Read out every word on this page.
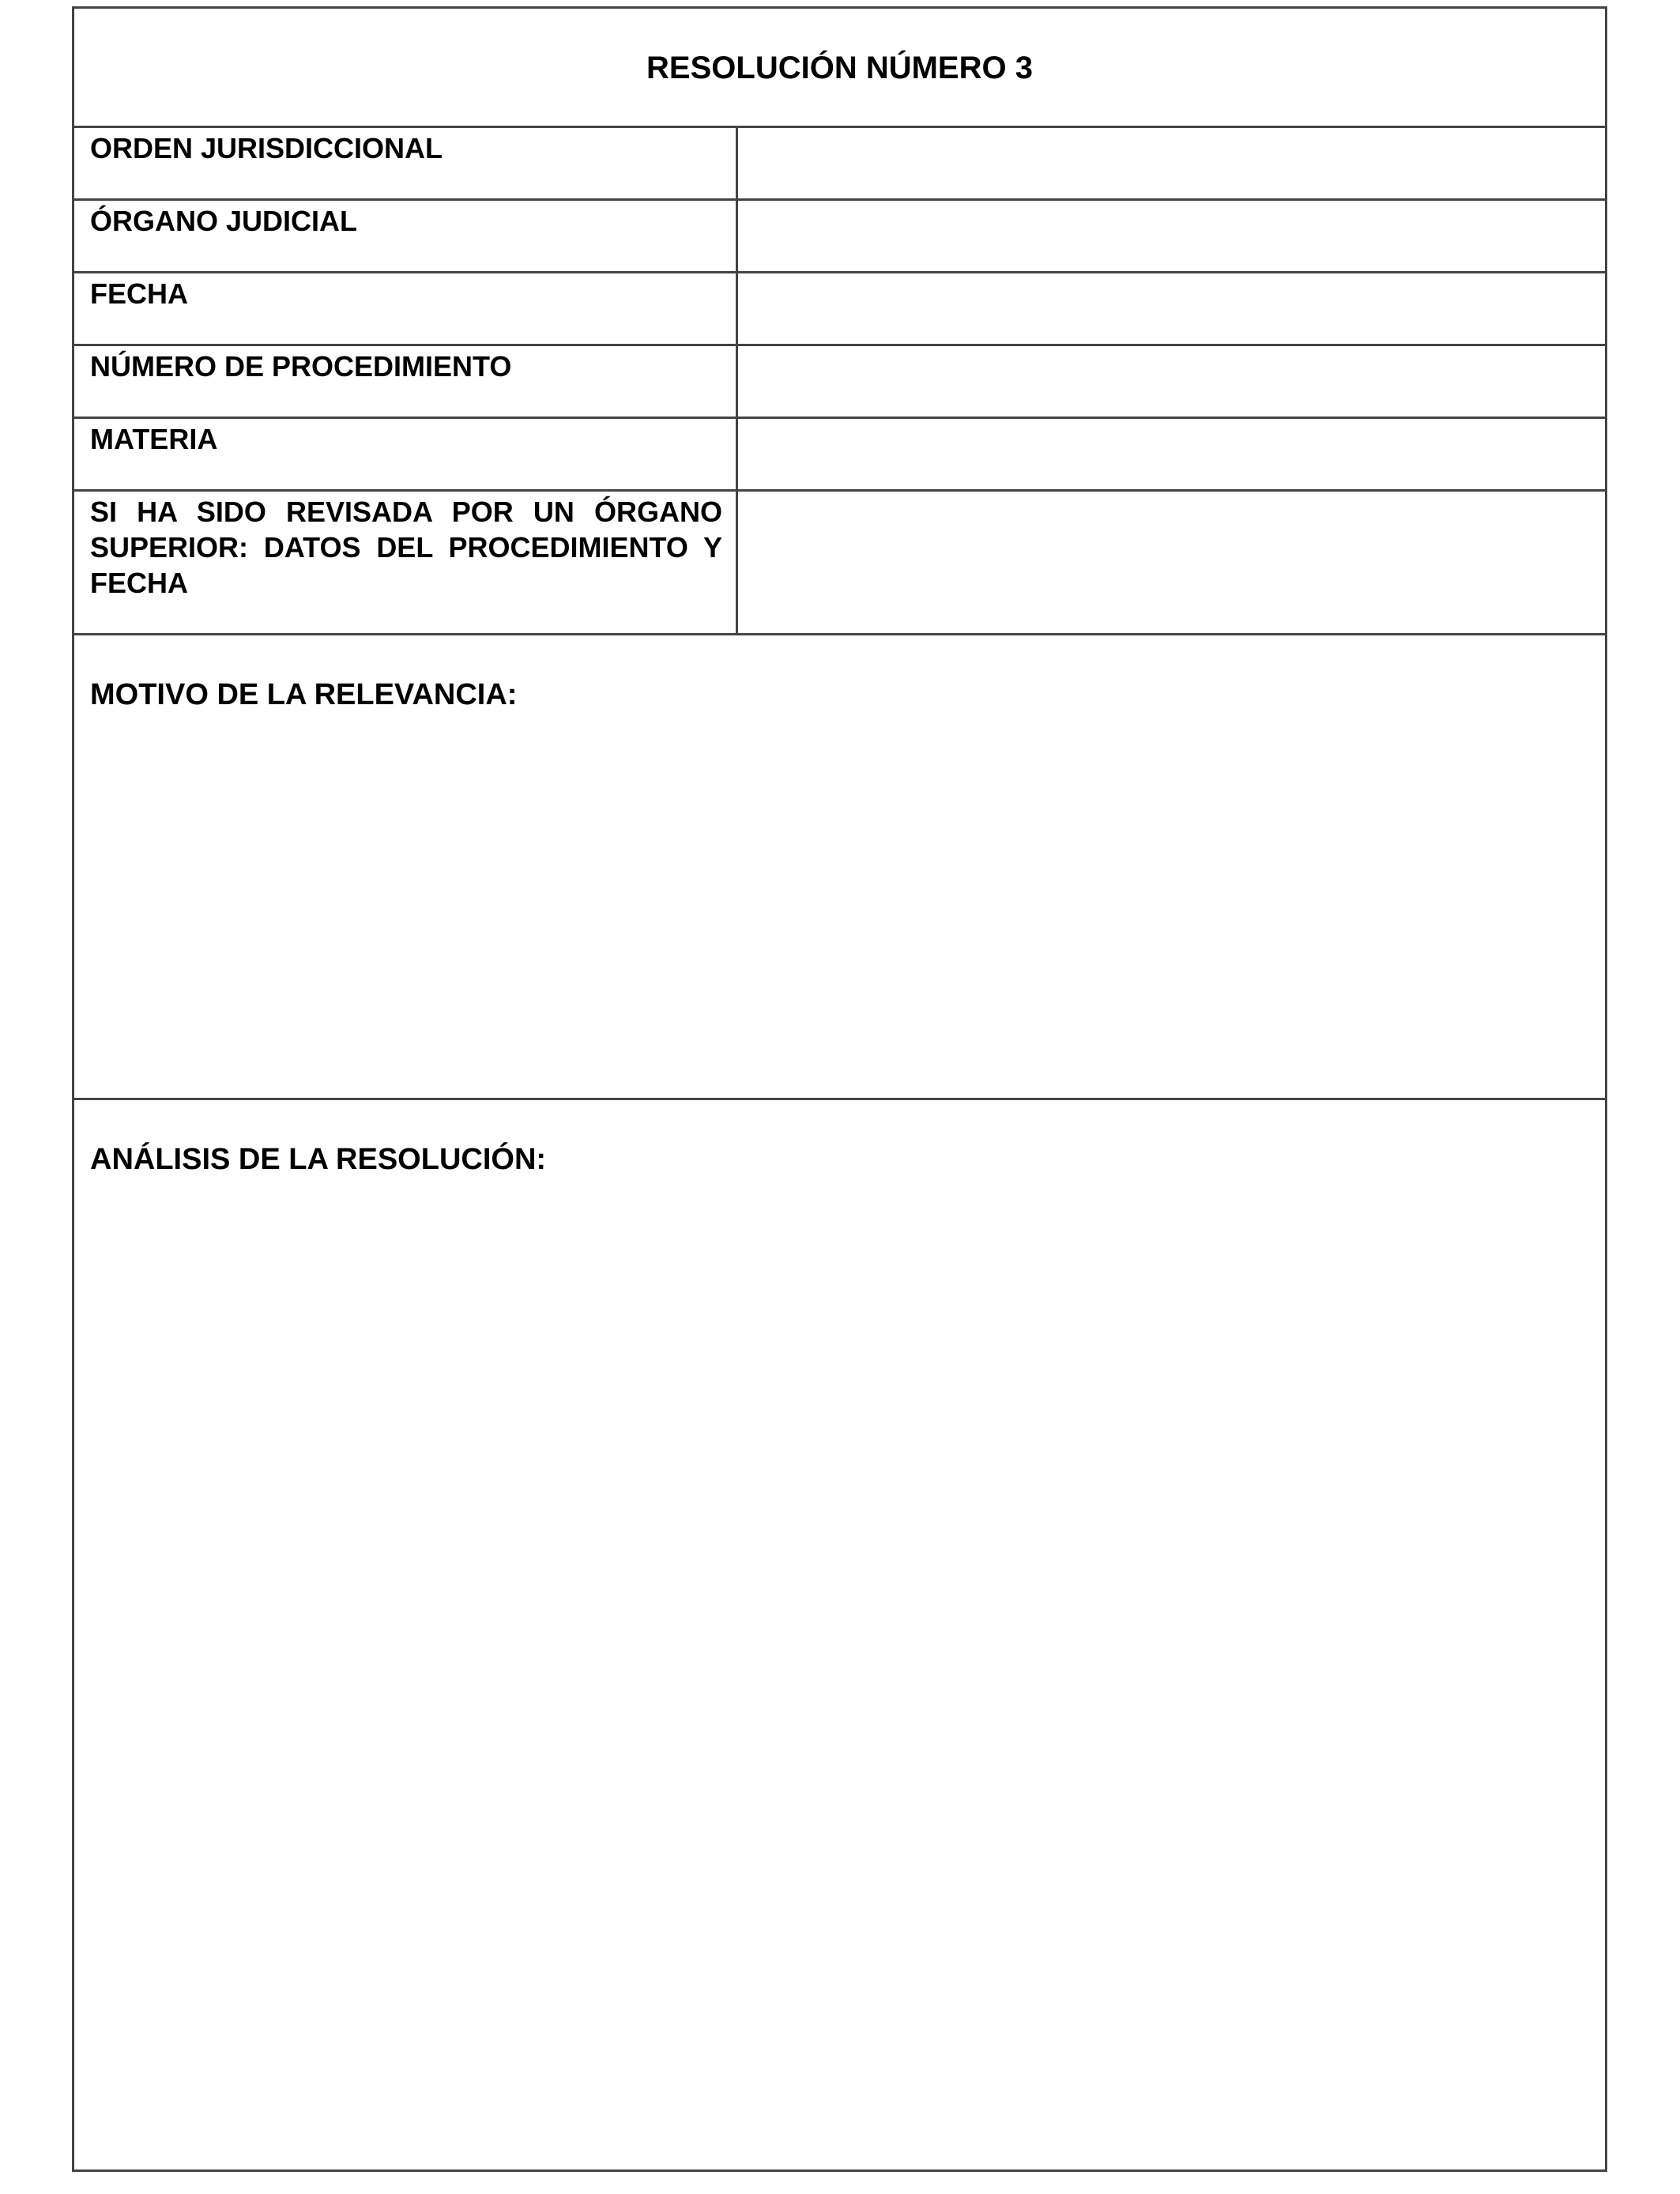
RESOLUCIÓN NÚMERO 3
ORDEN JURISDICCIONAL
ÓRGANO JUDICIAL
FECHA
NÚMERO DE PROCEDIMIENTO
MATERIA
SI HA SIDO REVISADA POR UN ÓRGANO SUPERIOR: DATOS DEL PROCEDIMIENTO Y FECHA
MOTIVO DE LA RELEVANCIA:
ANÁLISIS DE LA RESOLUCIÓN:
